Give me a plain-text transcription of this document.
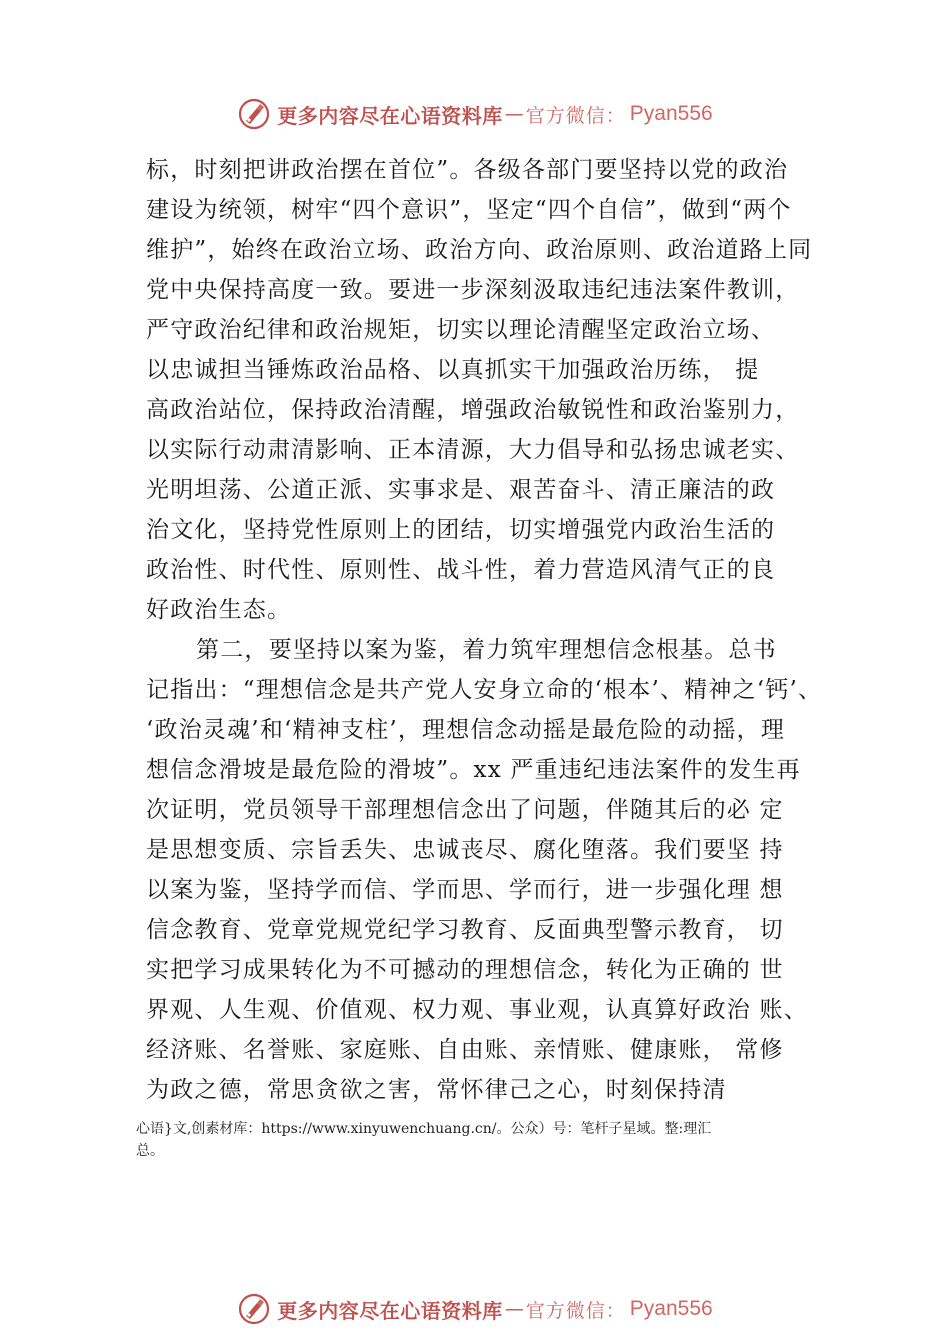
更多内容尽在心语资料库 — 官方微信： Pyan556
标，时刻把讲政治摆在首位”。各级各部门要坚持以党的政治
建设为统领，树牢“四个意识”，坚定“四个自信”，做到“两个
维护”，始终在政治立场、政治方向、政治原则、政治道路上同
党中央保持高度一致。要进一步深刻汲取违纪违法案件教训，
严守政治纪律和政治规矩，切实以理论清醒坚定政治立场、
以忠诚担当锤炼政治品格、以真抓实干加强政治历练， 提
高政治站位，保持政治清醒，增强政治敏锐性和政治鉴别力，
以实际行动肃清影响、正本清源，大力倡导和弘扬忠诚老实、
光明坦荡、公道正派、实事求是、艰苦奋斗、清正廉洁的政
治文化，坚持党性原则上的团结，切实增强党内政治生活的
政治性、时代性、原则性、战斗性，着力营造风清气正的良
好政治生态。
第二，要坚持以案为鉴，着力筑牢理想信念根基。总书
记指出：“理想信念是共产党人安身立命的‘根本’、精神之‘钙’、
‘政治灵魂’和‘精神支柱’，理想信念动摇是最危险的动摇，理
想信念滑坡是最危险的滑坡”。xx 严重违纪违法案件的发生再
次证明，党员领导干部理想信念出了问题，伴随其后的必 定
是思想变质、宗旨丢失、忠诚丧尽、腐化堕落。我们要坚 持
以案为鉴，坚持学而信、学而思、学而行，进一步强化理 想
信念教育、党章党规党纪学习教育、反面典型警示教育， 切
实把学习成果转化为不可撼动的理想信念，转化为正确的 世
界观、人生观、价值观、权力观、事业观，认真算好政治 账、
经济账、名誉账、家庭账、自由账、亲情账、健康账， 常修
为政之德，常思贪欲之害，常怀律己之心，时刻保持清
心语}文,创素材库：https://www.xinyuwenchuang.cn/。公众）号：笔杆子星域。整:理汇
总。
更多内容尽在心语资料库 — 官方微信： Pyan556
